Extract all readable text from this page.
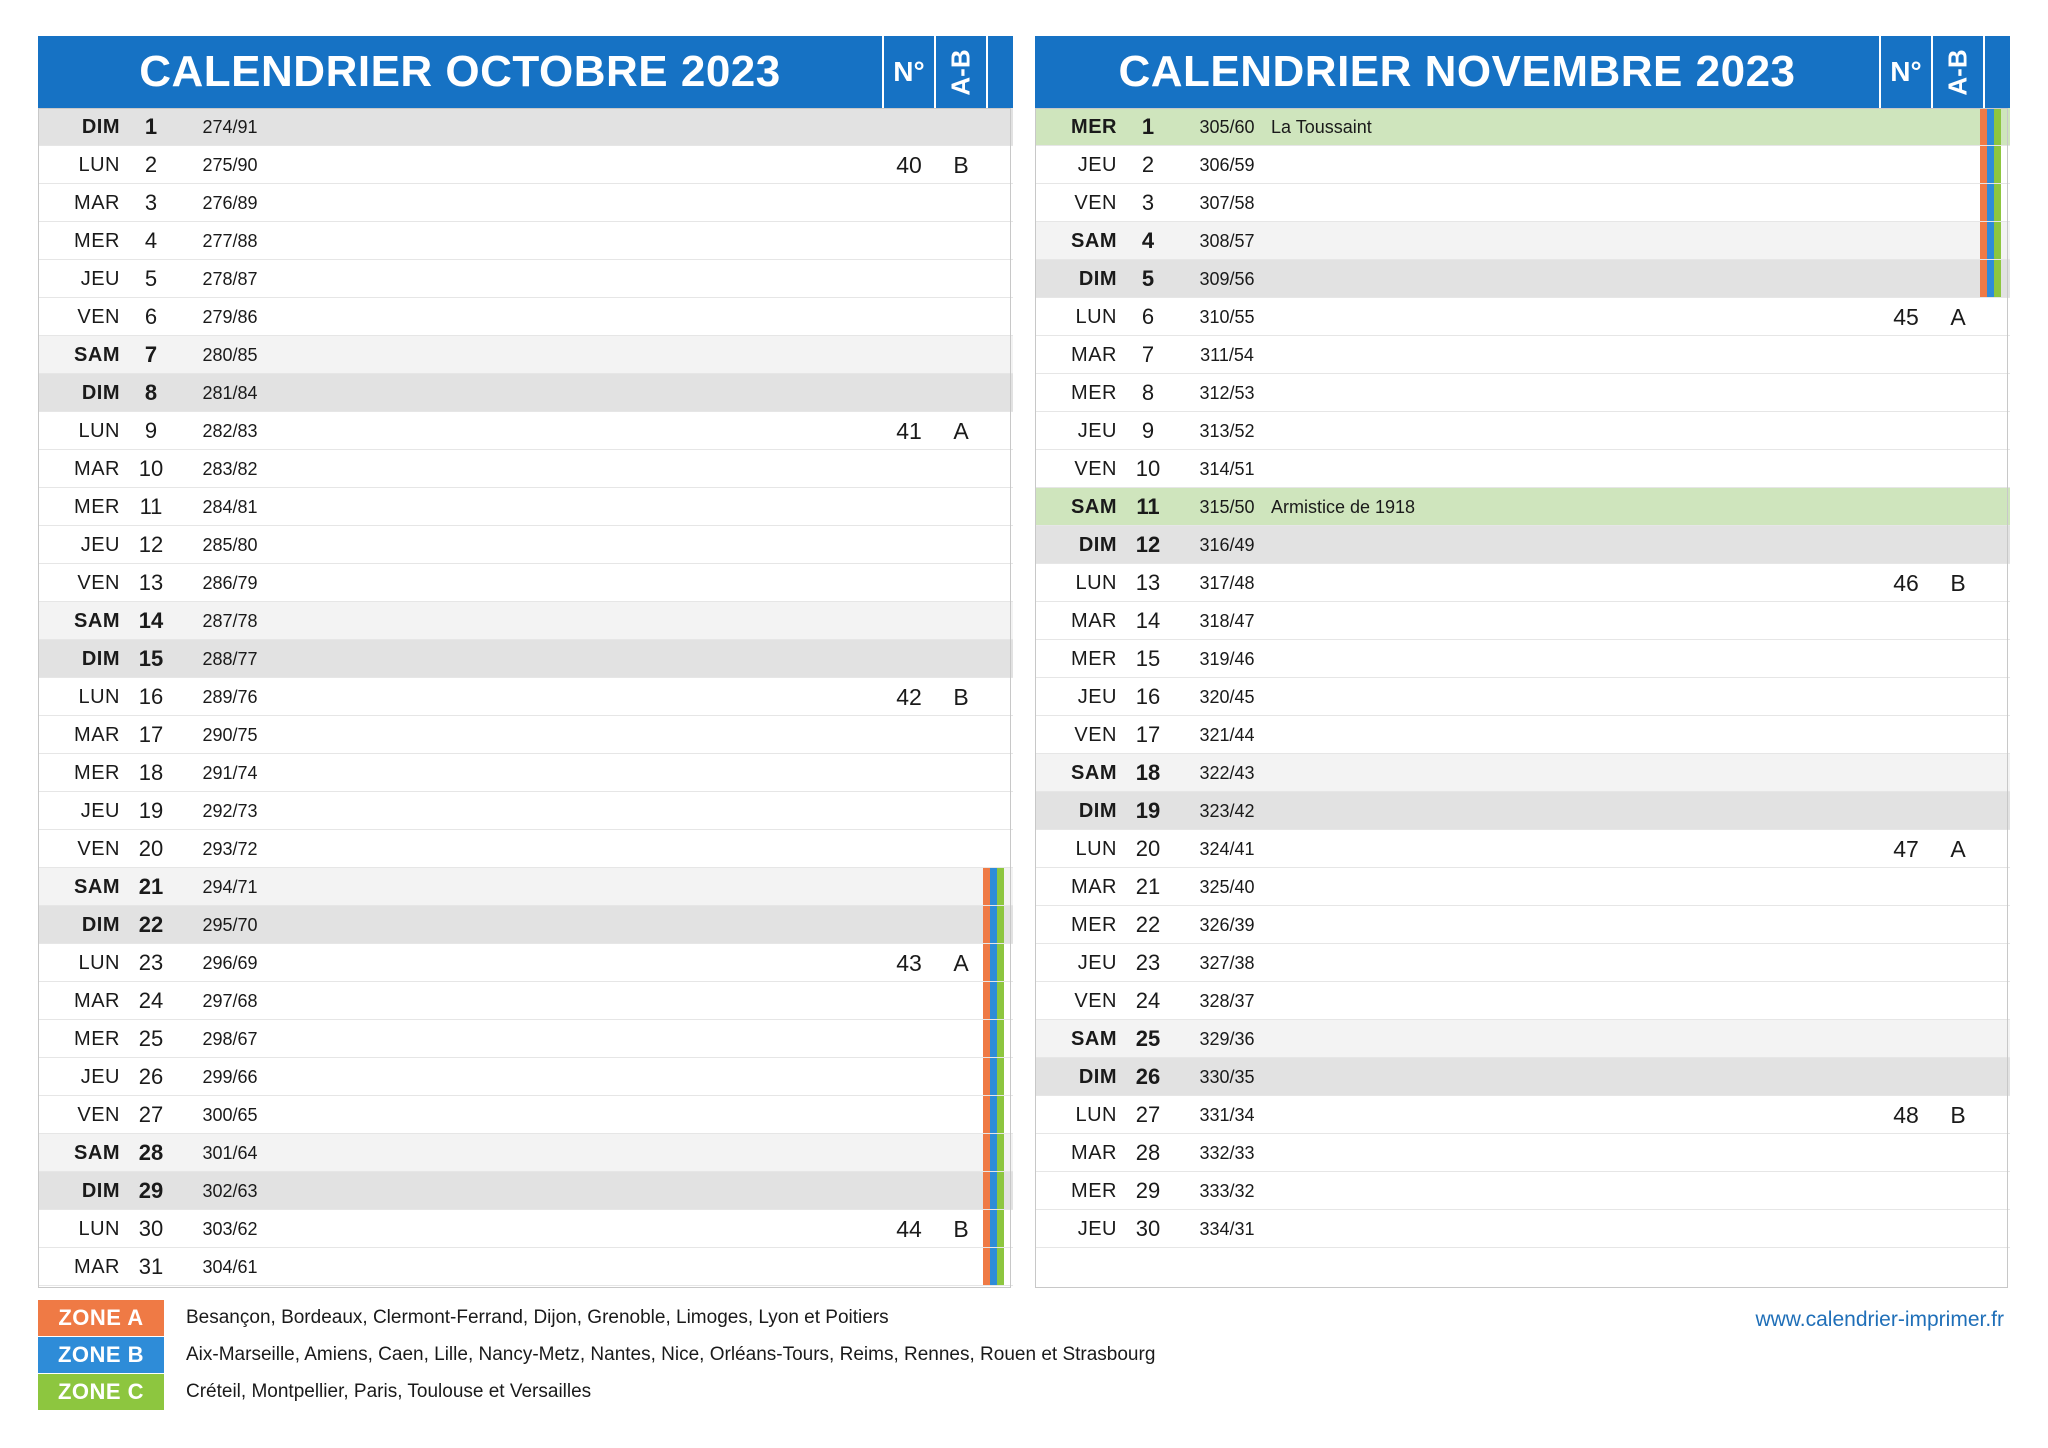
CALENDRIER OCTOBRE 2023	N° A-B
DIM	1	274/91
LUN	2	275/90	40	B
MAR	3	276/89
MER	4	277/88
JEU	5	278/87
VEN	6	279/86
SAM	7	280/85
DIM	8	281/84
LUN	9	282/83	41	A
MAR 10	283/82
MER 11	284/81
JEU 12	285/80
VEN 13	286/79
SAM 14	287/78
DIM 15	288/77
LUN 16	289/76	42	B
MAR 17	290/75
MER 18	291/74
JEU 19	292/73
VEN 20	293/72
SAM 21	294/71
DIM 22	295/70
LUN 23	296/69	43	A
MAR 24	297/68
MER 25	298/67
JEU 26	299/66
VEN 27	300/65
SAM 28	301/64
DIM 29	302/63
LUN 30	303/62	44	B
MAR 31	304/61
CALENDRIER NOVEMBRE 2023	N° A-B
MER	1	305/60 La Toussaint
JEU	2	306/59
VEN	3	307/58
SAM	4	308/57
DIM	5	309/56
LUN	6	310/55	45	A
MAR	7	311/54
MER	8	312/53
JEU	9	313/52
VEN 10	314/51
SAM 11	315/50 Armistice de 1918
DIM 12	316/49
LUN 13	317/48	46	B
MAR 14	318/47
MER 15	319/46
JEU 16	320/45
VEN 17	321/44
SAM 18	322/43
DIM 19	323/42
LUN 20	324/41	47	A
MAR 21	325/40
MER 22	326/39
JEU 23	327/38
VEN 24	328/37
SAM 25	329/36
DIM 26	330/35
LUN 27	331/34	48	B
MAR 28	332/33
MER 29	333/32
JEU 30	334/31
ZONE A	Besançon, Bordeaux, Clermont-Ferrand, Dijon, Grenoble, Limoges, Lyon et Poitiers
ZONE B	Aix-Marseille, Amiens, Caen, Lille, Nancy-Metz, Nantes, Nice, Orléans-Tours, Reims, Rennes, Rouen et Strasbourg
ZONE C	Créteil, Montpellier, Paris, Toulouse et Versailles
www.calendrier-imprimer.fr
